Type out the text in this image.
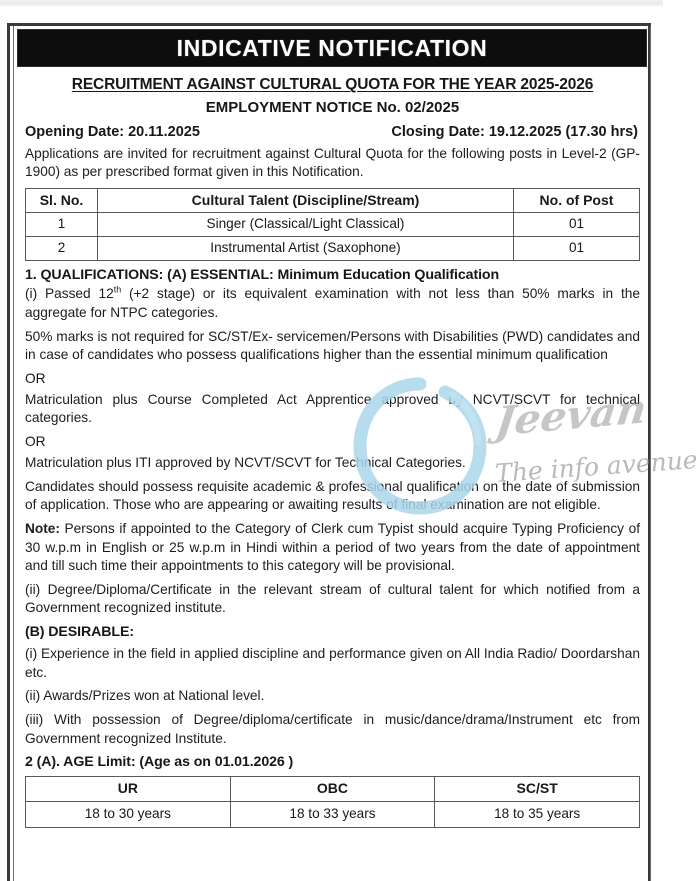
INDICATIVE NOTIFICATION
RECRUITMENT AGAINST CULTURAL QUOTA FOR THE YEAR 2025-2026
EMPLOYMENT NOTICE No. 02/2025
Opening Date: 20.11.2025	Closing Date: 19.12.2025 (17.30 hrs)
Applications are invited for recruitment against Cultural Quota for the following posts in Level-2 (GP-1900) as per prescribed format given in this Notification.
Sl. No.	Cultural Talent (Discipline/Stream)	No. of Post
1	Singer (Classical/Light Classical)	01
2	Instrumental Artist (Saxophone)	01
1. QUALIFICATIONS: (A) ESSENTIAL: Minimum Education Qualification
(i) Passed 12th (+2 stage) or its equivalent examination with not less than 50% marks in the aggregate for NTPC categories.
50% marks is not required for SC/ST/Ex- servicemen/Persons with Disabilities (PWD) candidates and in case of candidates who possess qualifications higher than the essential minimum qualification
OR
Matriculation plus Course Completed Act Apprentice approved by NCVT/SCVT for technical categories.
OR
Matriculation plus ITI approved by NCVT/SCVT for Technical Categories.
Candidates should possess requisite academic & professional qualification on the date of submission of application. Those who are appearing or awaiting results of final examination are not eligible.
Note: Persons if appointed to the Category of Clerk cum Typist should acquire Typing Proficiency of 30 w.p.m in English or 25 w.p.m in Hindi within a period of two years from the date of appointment and till such time their appointments to this category will be provisional.
(ii) Degree/Diploma/Certificate in the relevant stream of cultural talent for which notified from a Government recognized institute.
(B) DESIRABLE:
(i) Experience in the field in applied discipline and performance given on All India Radio/ Doordarshan etc.
(ii) Awards/Prizes won at National level.
(iii) With possession of Degree/diploma/certificate in music/dance/drama/Instrument etc from Government recognized Institute.
2 (A). AGE Limit: (Age as on 01.01.2026 )
UR	OBC	SC/ST
18 to 30 years	18 to 33 years	18 to 35 years
Jeevan
The info avenue
